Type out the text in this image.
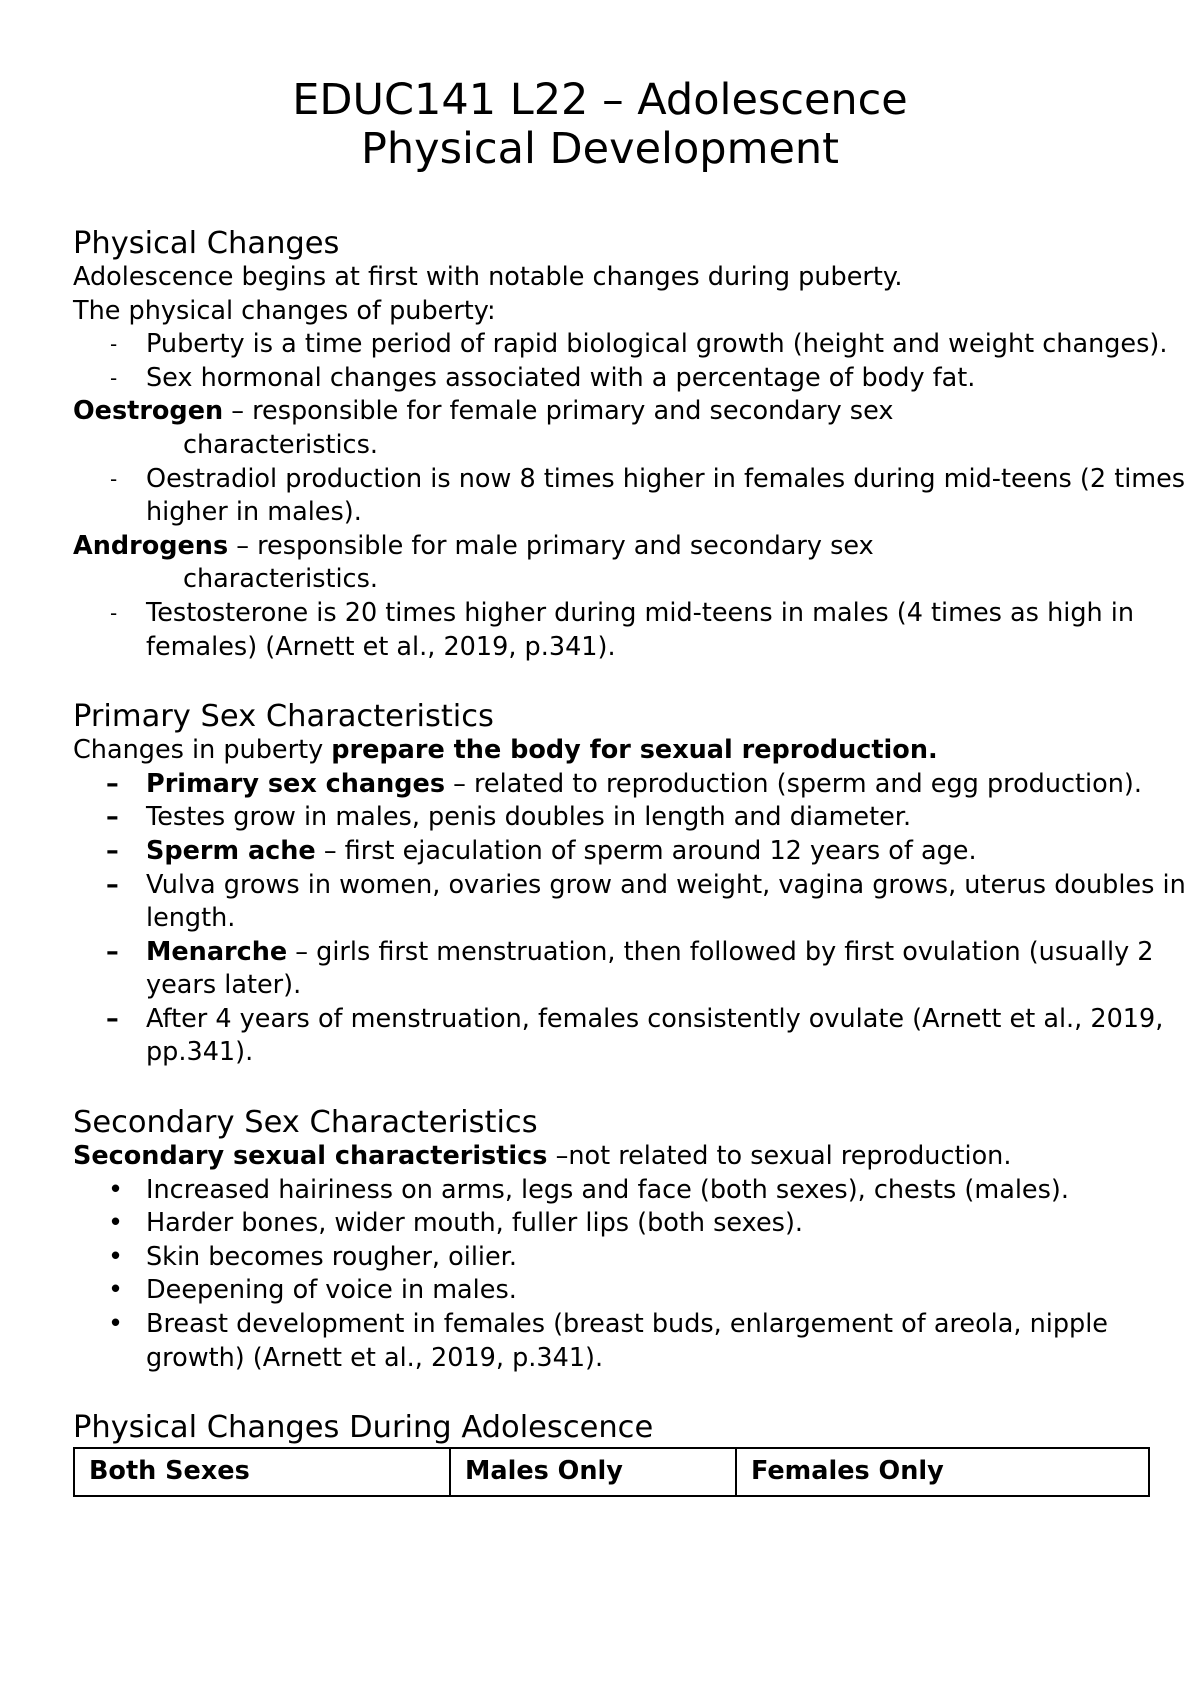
EDUC141 L22 – Adolescence
Physical Development
Physical Changes

Adolescence begins at first with notable changes during puberty.

The physical changes of puberty:

- Puberty is a time period of rapid biological growth (height and weight changes).
- Sex hormonal changes associated with a percentage of body fat.

Oestrogen – responsible for female primary and secondary sex

characteristics.

- Oestradiol production is now 8 times higher in females during mid-teens (2 times higher in males).

Androgens – responsible for male primary and secondary sex

characteristics.

- Testosterone is 20 times higher during mid-teens in males (4 times as high in females) (Arnett et al., 2019, p.341).
Primary Sex Characteristics

Changes in puberty prepare the body for sexual reproduction.

– Primary sex changes – related to reproduction (sperm and egg production).
– Testes grow in males, penis doubles in length and diameter.
– Sperm ache – first ejaculation of sperm around 12 years of age.
– Vulva grows in women, ovaries grow and weight, vagina grows, uterus doubles in length.
– Menarche – girls first menstruation, then followed by first ovulation (usually 2 years later).
– After 4 years of menstruation, females consistently ovulate (Arnett et al., 2019, pp.341).
Secondary Sex Characteristics

Secondary sexual characteristics –not related to sexual reproduction.

• Increased hairiness on arms, legs and face (both sexes), chests (males).
• Harder bones, wider mouth, fuller lips (both sexes).
• Skin becomes rougher, oilier.
• Deepening of voice in males.
• Breast development in females (breast buds, enlargement of areola, nipple growth) (Arnett et al., 2019, p.341).
Physical Changes During Adolescence
Both Sexes	Males Only	Females Only
